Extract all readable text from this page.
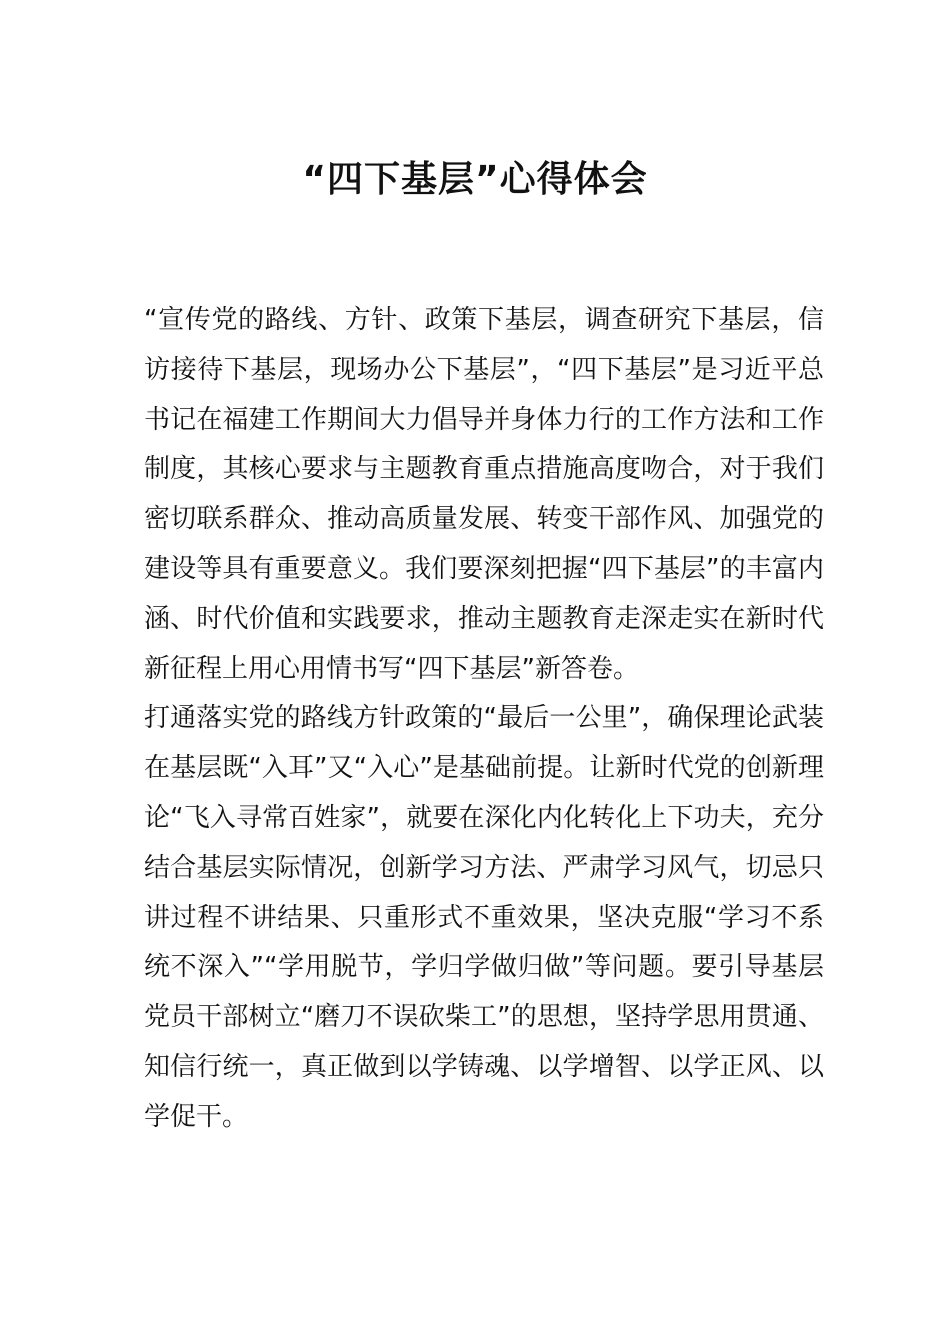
“四下基层”心得体会

“宣传党的路线、方针、政策下基层，调查研究下基层，信访接待下基层，现场办公下基层”，“四下基层”是习近平总书记在福建工作期间大力倡导并身体力行的工作方法和工作制度，其核心要求与主题教育重点措施高度吻合，对于我们密切联系群众、推动高质量发展、转变干部作风、加强党的建设等具有重要意义。我们要深刻把握“四下基层”的丰富内涵、时代价值和实践要求，推动主题教育走深走实在新时代新征程上用心用情书写“四下基层”新答卷。

打通落实党的路线方针政策的“最后一公里”，确保理论武装在基层既“入耳”又“入心”是基础前提。让新时代党的创新理论“飞入寻常百姓家”，就要在深化内化转化上下功夫，充分结合基层实际情况，创新学习方法、严肃学习风气，切忌只讲过程不讲结果、只重形式不重效果，坚决克服“学习不系统不深入”“学用脱节，学归学做归做”等问题。要引导基层党员干部树立“磨刀不误砍柴工”的思想，坚持学思用贯通、知信行统一，真正做到以学铸魂、以学增智、以学正风、以学促干。
